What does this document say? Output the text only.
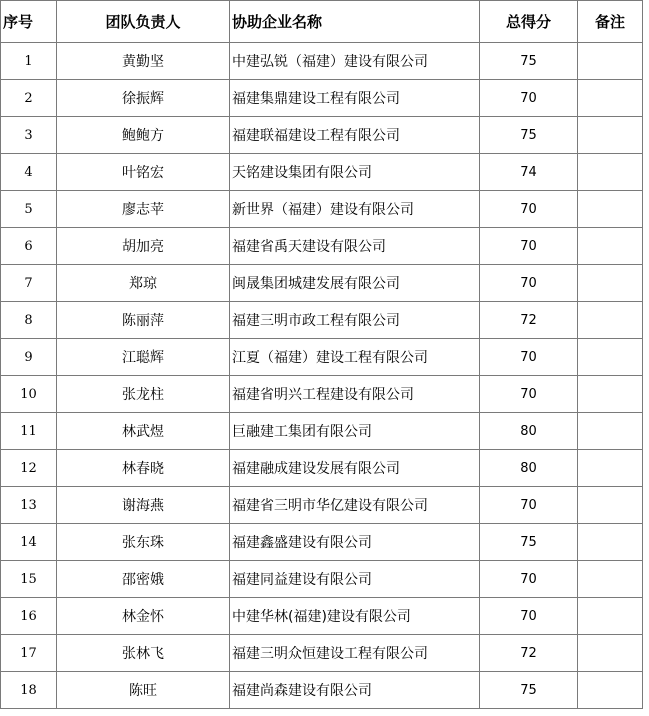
序号	团队负责人	协助企业名称	总得分	备注
1	黄勤坚	中建弘锐（福建）建设有限公司	75	
2	徐振辉	福建集鼎建设工程有限公司	70	
3	鲍鲍方	福建联福建设工程有限公司	75	
4	叶铭宏	天铭建设集团有限公司	74	
5	廖志苹	新世界（福建）建设有限公司	70	
6	胡加亮	福建省禹天建设有限公司	70	
7	郑琼	闽晟集团城建发展有限公司	70	
8	陈丽萍	福建三明市政工程有限公司	72	
9	江聪辉	江夏（福建）建设工程有限公司	70	
10	张龙柱	福建省明兴工程建设有限公司	70	
11	林武煜	巨融建工集团有限公司	80	
12	林春晓	福建融成建设发展有限公司	80	
13	谢海燕	福建省三明市华亿建设有限公司	70	
14	张东珠	福建鑫盛建设有限公司	75	
15	邵密娥	福建同益建设有限公司	70	
16	林金怀	中建华林(福建)建设有限公司	70	
17	张林飞	福建三明众恒建设工程有限公司	72	
18	陈旺	福建尚森建设有限公司	75	
